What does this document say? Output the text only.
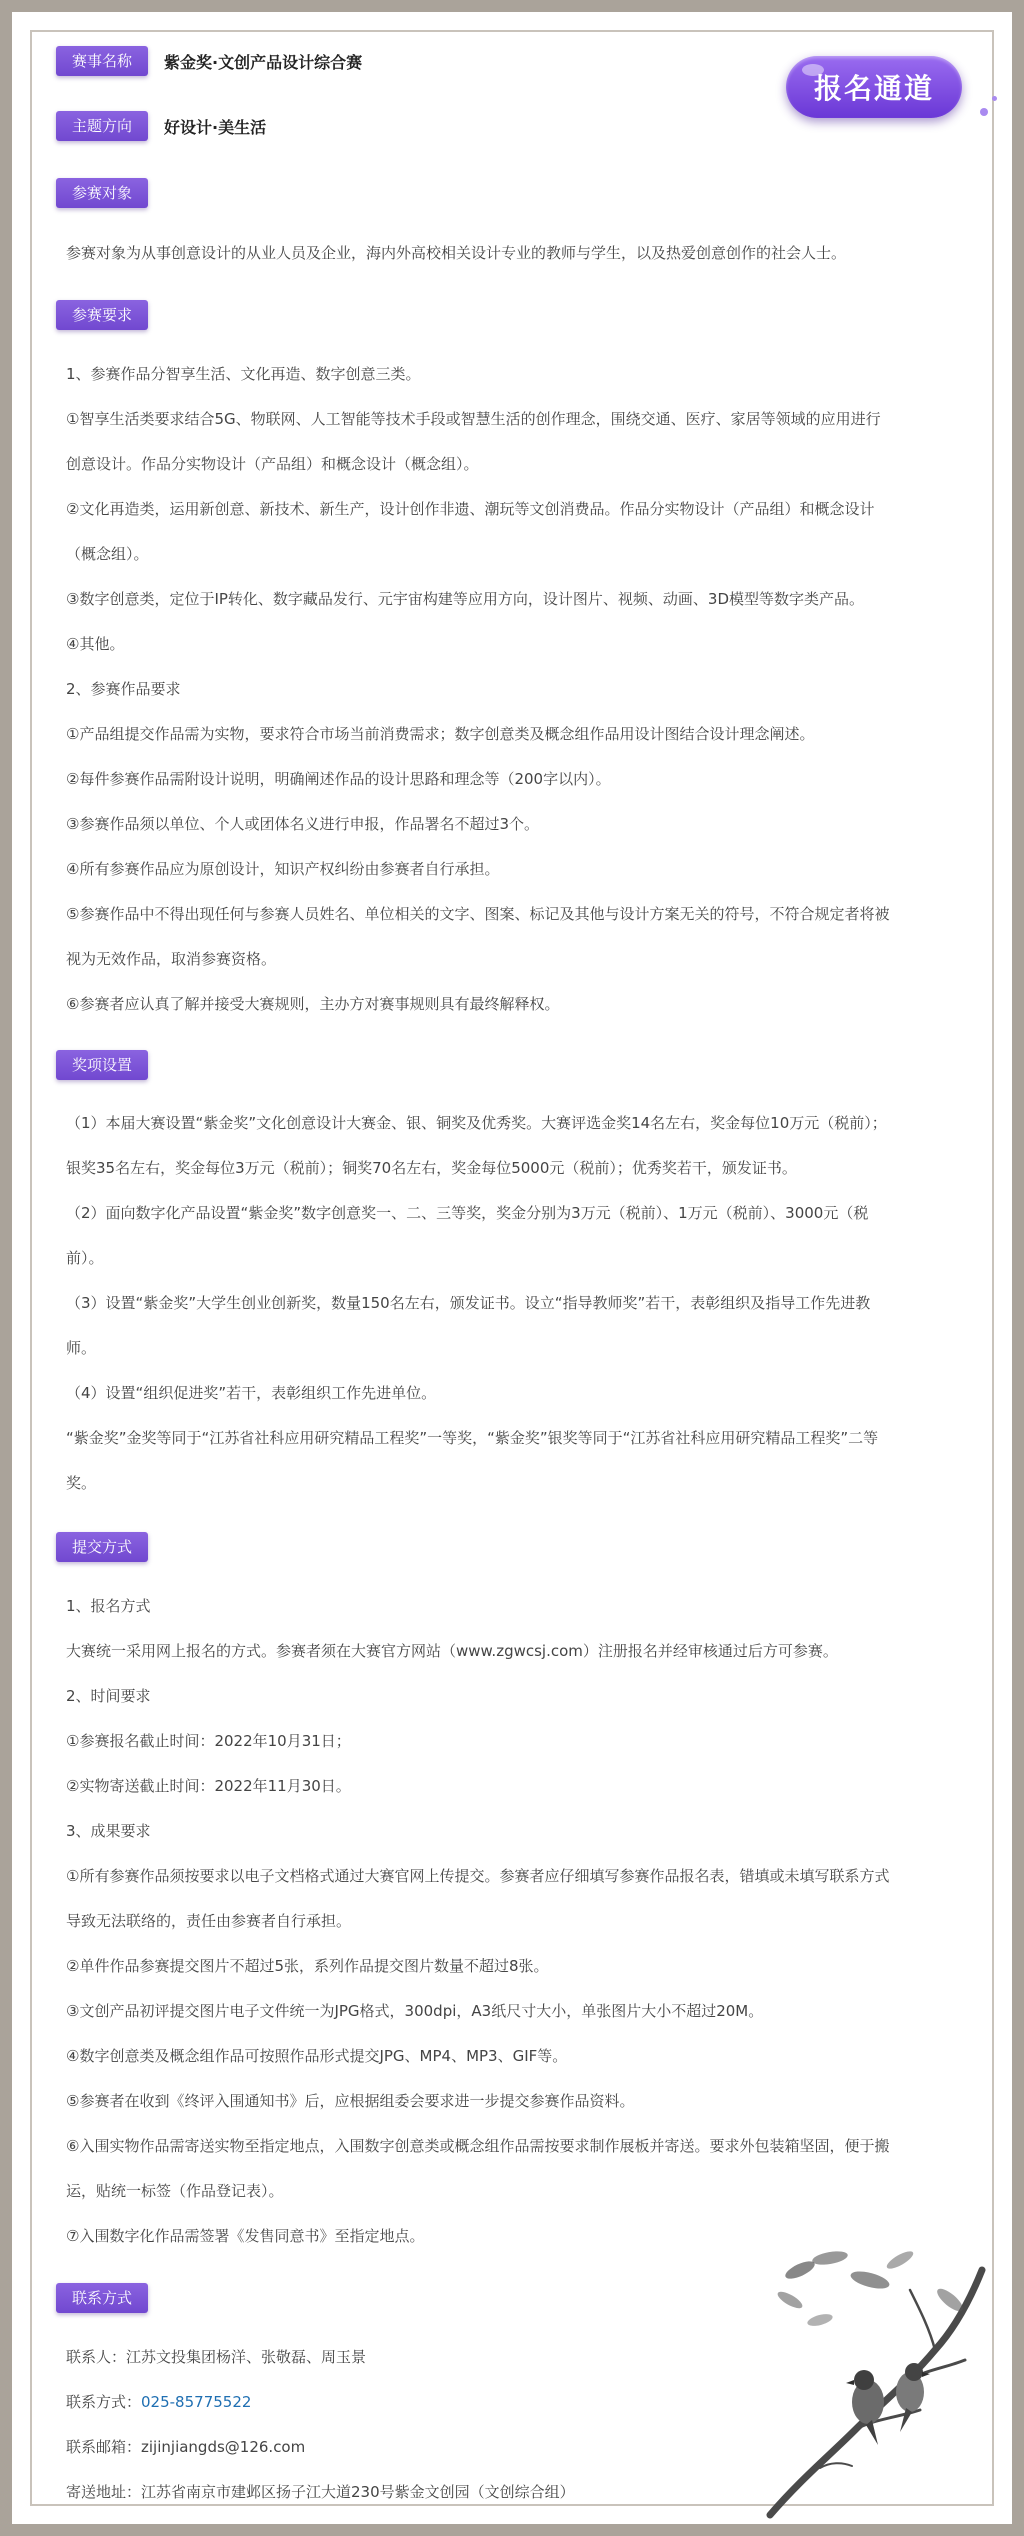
赛事名称	紫金奖·文创产品设计综合赛
主题方向	好设计·美生活
参赛对象
参赛对象为从事创意设计的从业人员及企业，海内外高校相关设计专业的教师与学生，以及热爱创意创作的社会人士。
参赛要求
1、参赛作品分智享生活、文化再造、数字创意三类。
①智享生活类要求结合5G、物联网、人工智能等技术手段或智慧生活的创作理念，围绕交通、医疗、家居等领域的应用进行
创意设计。作品分实物设计（产品组）和概念设计（概念组）。
②文化再造类，运用新创意、新技术、新生产，设计创作非遗、潮玩等文创消费品。作品分实物设计（产品组）和概念设计
（概念组）。
③数字创意类，定位于IP转化、数字藏品发行、元宇宙构建等应用方向，设计图片、视频、动画、3D模型等数字类产品。
④其他。
2、参赛作品要求
①产品组提交作品需为实物，要求符合市场当前消费需求；数字创意类及概念组作品用设计图结合设计理念阐述。
②每件参赛作品需附设计说明，明确阐述作品的设计思路和理念等（200字以内）。
③参赛作品须以单位、个人或团体名义进行申报，作品署名不超过3个。
④所有参赛作品应为原创设计，知识产权纠纷由参赛者自行承担。
⑤参赛作品中不得出现任何与参赛人员姓名、单位相关的文字、图案、标记及其他与设计方案无关的符号，不符合规定者将被
视为无效作品，取消参赛资格。
⑥参赛者应认真了解并接受大赛规则，主办方对赛事规则具有最终解释权。
奖项设置
（1）本届大赛设置“紫金奖”文化创意设计大赛金、银、铜奖及优秀奖。大赛评选金奖14名左右，奖金每位10万元（税前）；
银奖35名左右，奖金每位3万元（税前）；铜奖70名左右，奖金每位5000元（税前）；优秀奖若干，颁发证书。
（2）面向数字化产品设置“紫金奖”数字创意奖一、二、三等奖，奖金分别为3万元（税前）、1万元（税前）、3000元（税
前）。
（3）设置“紫金奖”大学生创业创新奖，数量150名左右，颁发证书。设立“指导教师奖”若干，表彰组织及指导工作先进教
师。
（4）设置“组织促进奖”若干，表彰组织工作先进单位。
“紫金奖”金奖等同于“江苏省社科应用研究精品工程奖”一等奖，“紫金奖”银奖等同于“江苏省社科应用研究精品工程奖”二等
奖。
提交方式
1、报名方式
大赛统一采用网上报名的方式。参赛者须在大赛官方网站（www.zgwcsj.com）注册报名并经审核通过后方可参赛。
2、时间要求
①参赛报名截止时间：2022年10月31日；
②实物寄送截止时间：2022年11月30日。
3、成果要求
①所有参赛作品须按要求以电子文档格式通过大赛官网上传提交。参赛者应仔细填写参赛作品报名表，错填或未填写联系方式
导致无法联络的，责任由参赛者自行承担。
②单件作品参赛提交图片不超过5张，系列作品提交图片数量不超过8张。
③文创产品初评提交图片电子文件统一为JPG格式，300dpi，A3纸尺寸大小，单张图片大小不超过20M。
④数字创意类及概念组作品可按照作品形式提交JPG、MP4、MP3、GIF等。
⑤参赛者在收到《终评入围通知书》后，应根据组委会要求进一步提交参赛作品资料。
⑥入围实物作品需寄送实物至指定地点，入围数字创意类或概念组作品需按要求制作展板并寄送。要求外包装箱坚固，便于搬
运，贴统一标签（作品登记表）。
⑦入围数字化作品需签署《发售同意书》至指定地点。
联系方式
联系人：江苏文投集团杨洋、张敬磊、周玉景
联系方式：025-85775522
联系邮箱：zijinjiangds@126.com
寄送地址：江苏省南京市建邺区扬子江大道230号紫金文创园（文创综合组）
报名通道
